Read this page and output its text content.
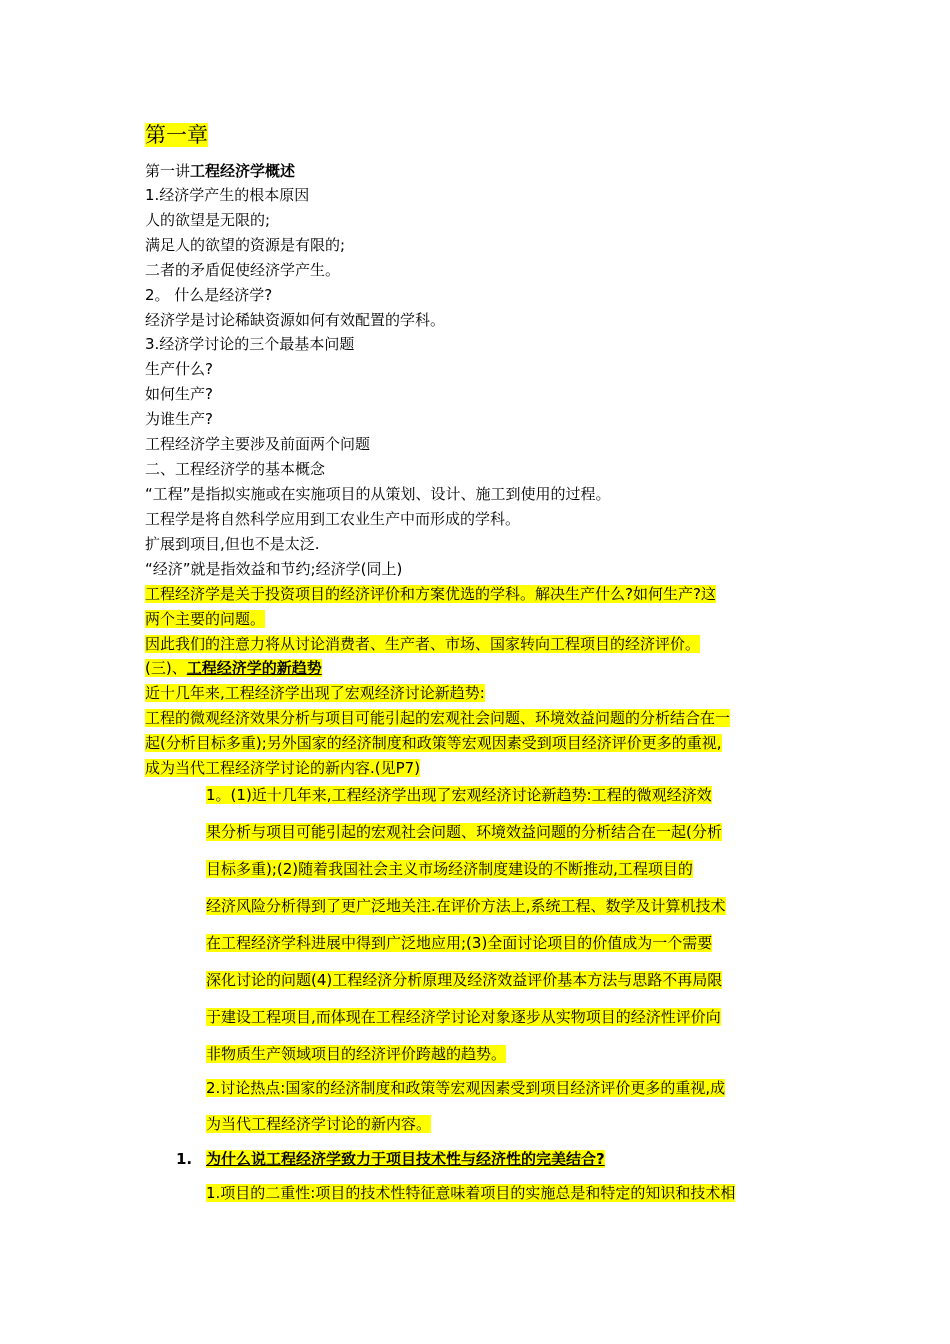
第一章
第一讲工程经济学概述
1.经济学产生的根本原因
人的欲望是无限的;
满足人的欲望的资源是有限的;
二者的矛盾促使经济学产生。
2。 什么是经济学?
经济学是讨论稀缺资源如何有效配置的学科。
3.经济学讨论的三个最基本问题
生产什么?
如何生产?
为谁生产?
工程经济学主要涉及前面两个问题
二、工程经济学的基本概念
“工程”是指拟实施或在实施项目的从策划、设计、施工到使用的过程。
工程学是将自然科学应用到工农业生产中而形成的学科。
扩展到项目,但也不是太泛.
“经济”就是指效益和节约;经济学(同上)
工程经济学是关于投资项目的经济评价和方案优选的学科。解决生产什么?如何生产?这
两个主要的问题。
因此我们的注意力将从讨论消费者、生产者、市场、国家转向工程项目的经济评价。
(三)、工程经济学的新趋势
近十几年来,工程经济学出现了宏观经济讨论新趋势:
工程的微观经济效果分析与项目可能引起的宏观社会问题、环境效益问题的分析结合在一
起(分析目标多重);另外国家的经济制度和政策等宏观因素受到项目经济评价更多的重视,
成为当代工程经济学讨论的新内容.(见P7)
1。(1)近十几年来,工程经济学出现了宏观经济讨论新趋势:工程的微观经济效
果分析与项目可能引起的宏观社会问题、环境效益问题的分析结合在一起(分析
目标多重);(2)随着我国社会主义市场经济制度建设的不断推动,工程项目的
经济风险分析得到了更广泛地关注.在评价方法上,系统工程、数学及计算机技术
在工程经济学科进展中得到广泛地应用;(3)全面讨论项目的价值成为一个需要
深化讨论的问题(4)工程经济分析原理及经济效益评价基本方法与思路不再局限
于建设工程项目,而体现在工程经济学讨论对象逐步从实物项目的经济性评价向
非物质生产领域项目的经济评价跨越的趋势。
2.讨论热点:国家的经济制度和政策等宏观因素受到项目经济评价更多的重视,成
为当代工程经济学讨论的新内容。
1. 为什么说工程经济学致力于项目技术性与经济性的完美结合?
1.项目的二重性:项目的技术性特征意味着项目的实施总是和特定的知识和技术相
